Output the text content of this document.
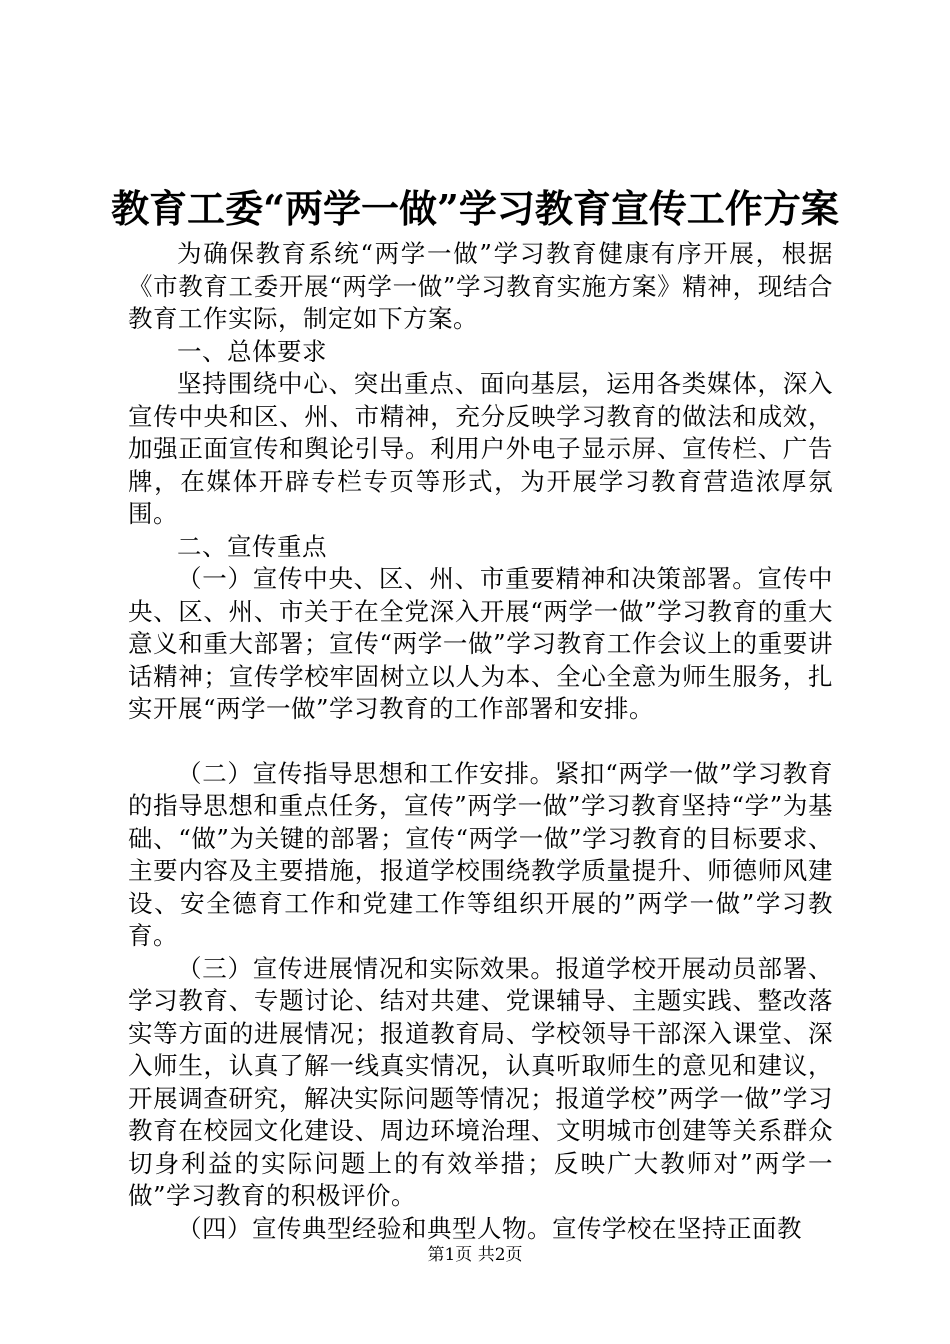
教育工委“两学一做”学习教育宣传工作方案

为确保教育系统“两学一做”学习教育健康有序开展，根据《市教育工委开展“两学一做”学习教育实施方案》精神，现结合教育工作实际，制定如下方案。

一、总体要求

坚持围绕中心、突出重点、面向基层，运用各类媒体，深入宣传中央和区、州、市精神，充分反映学习教育的做法和成效，加强正面宣传和舆论引导。利用户外电子显示屏、宣传栏、广告牌，在媒体开辟专栏专页等形式，为开展学习教育营造浓厚氛围。

二、宣传重点

（一）宣传中央、区、州、市重要精神和决策部署。宣传中央、区、州、市关于在全党深入开展“两学一做”学习教育的重大意义和重大部署；宣传“两学一做”学习教育工作会议上的重要讲话精神；宣传学校牢固树立以人为本、全心全意为师生服务，扎实开展“两学一做”学习教育的工作部署和安排。

（二）宣传指导思想和工作安排。紧扣“两学一做”学习教育的指导思想和重点任务，宣传”两学一做”学习教育坚持“学”为基础、“做”为关键的部署；宣传“两学一做”学习教育的目标要求、主要内容及主要措施，报道学校围绕教学质量提升、师德师风建设、安全德育工作和党建工作等组织开展的”两学一做”学习教育。

（三）宣传进展情况和实际效果。报道学校开展动员部署、学习教育、专题讨论、结对共建、党课辅导、主题实践、整改落实等方面的进展情况；报道教育局、学校领导干部深入课堂、深入师生，认真了解一线真实情况，认真听取师生的意见和建议，开展调查研究，解决实际问题等情况；报道学校”两学一做”学习教育在校园文化建设、周边环境治理、文明城市创建等关系群众切身利益的实际问题上的有效举措；反映广大教师对”两学一做”学习教育的积极评价。

（四）宣传典型经验和典型人物。宣传学校在坚持正面教

第1页 共2页
